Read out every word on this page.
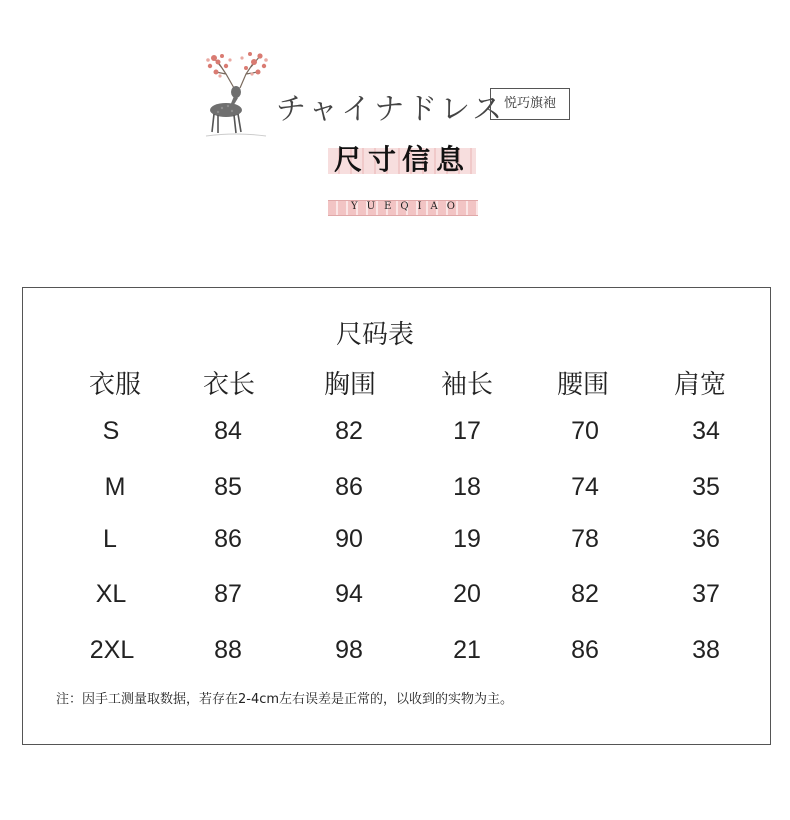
チャイナドレス
悦巧旗袍
尺寸信息
YUEQIAO
尺码表
衣服	衣长	胸围	袖长	腰围	肩宽
S	84	82	17	70	34
M	85	86	18	74	35
L	86	90	19	78	36
XL	87	94	20	82	37
2XL	88	98	21	86	38
注：因手工测量取数据，若存在2-4cm左右误差是正常的，以收到的实物为主。
